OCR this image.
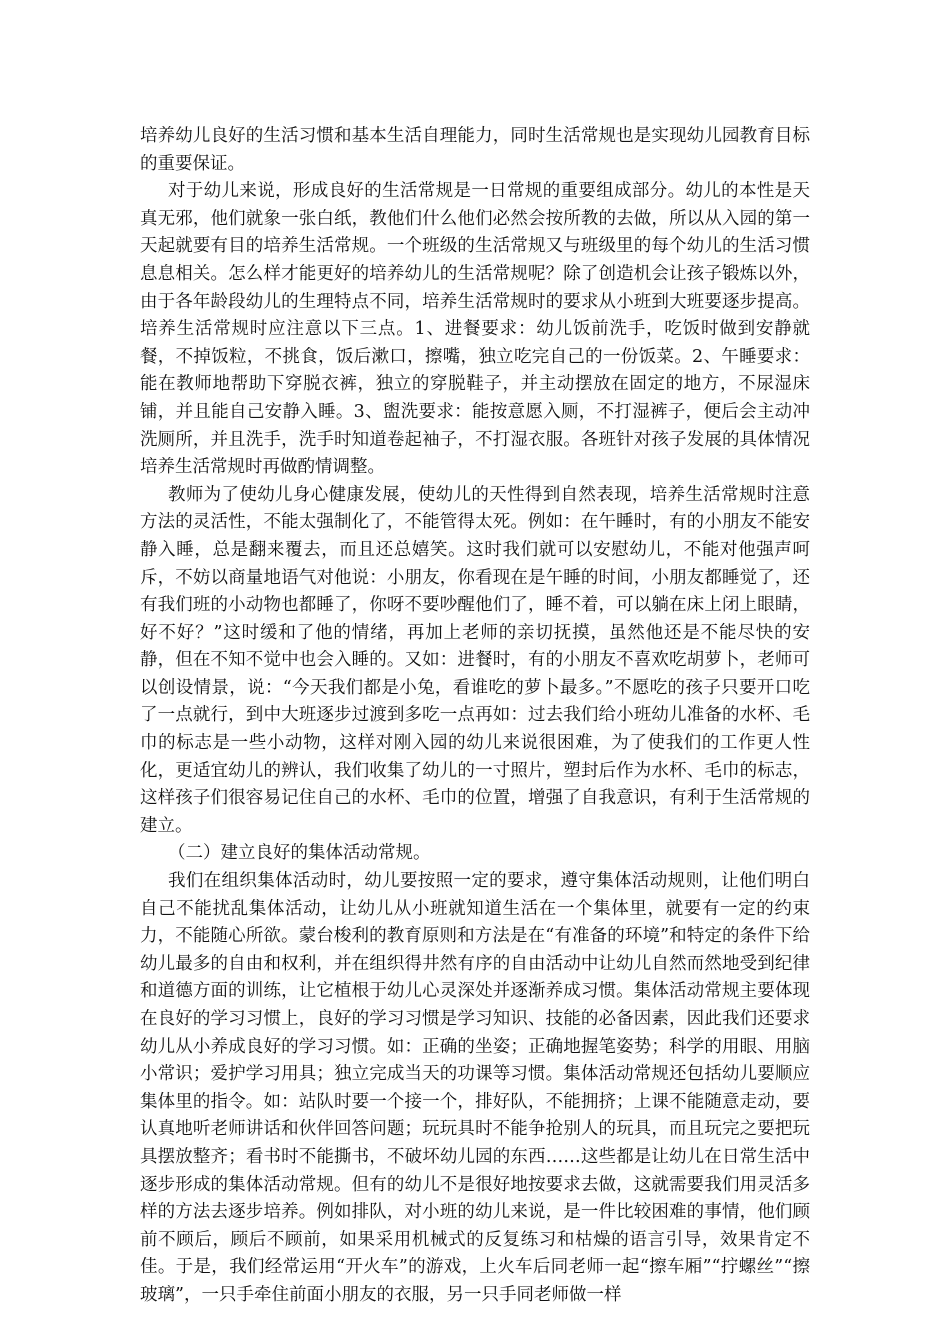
培养幼儿良好的生活习惯和基本生活自理能力，同时生活常规也是实现幼儿园教育目标的重要保证。

对于幼儿来说，形成良好的生活常规是一日常规的重要组成部分。幼儿的本性是天真无邪，他们就象一张白纸，教他们什么他们必然会按所教的去做，所以从入园的第一天起就要有目的培养生活常规。一个班级的生活常规又与班级里的每个幼儿的生活习惯息息相关。怎么样才能更好的培养幼儿的生活常规呢？除了创造机会让孩子锻炼以外，由于各年龄段幼儿的生理特点不同，培养生活常规时的要求从小班到大班要逐步提高。培养生活常规时应注意以下三点。1、进餐要求：幼儿饭前洗手，吃饭时做到安静就餐，不掉饭粒，不挑食，饭后漱口，擦嘴，独立吃完自己的一份饭菜。2、午睡要求：能在教师地帮助下穿脱衣裤，独立的穿脱鞋子，并主动摆放在固定的地方，不尿湿床铺，并且能自己安静入睡。3、盥洗要求：能按意愿入厕，不打湿裤子，便后会主动冲洗厕所，并且洗手，洗手时知道卷起袖子，不打湿衣服。各班针对孩子发展的具体情况培养生活常规时再做酌情调整。

教师为了使幼儿身心健康发展，使幼儿的天性得到自然表现，培养生活常规时注意方法的灵活性，不能太强制化了，不能管得太死。例如：在午睡时，有的小朋友不能安静入睡，总是翻来覆去，而且还总嬉笑。这时我们就可以安慰幼儿，不能对他强声呵斥，不妨以商量地语气对他说：小朋友，你看现在是午睡的时间，小朋友都睡觉了，还有我们班的小动物也都睡了，你呀不要吵醒他们了，睡不着，可以躺在床上闭上眼睛，好不好？”这时缓和了他的情绪，再加上老师的亲切抚摸，虽然他还是不能尽快的安静，但在不知不觉中也会入睡的。又如：进餐时，有的小朋友不喜欢吃胡萝卜，老师可以创设情景，说：“今天我们都是小兔，看谁吃的萝卜最多。”不愿吃的孩子只要开口吃了一点就行，到中大班逐步过渡到多吃一点再如：过去我们给小班幼儿准备的水杯、毛巾的标志是一些小动物，这样对刚入园的幼儿来说很困难，为了使我们的工作更人性化，更适宜幼儿的辨认，我们收集了幼儿的一寸照片，塑封后作为水杯、毛巾的标志，这样孩子们很容易记住自己的水杯、毛巾的位置，增强了自我意识，有利于生活常规的建立。

（二）建立良好的集体活动常规。

我们在组织集体活动时，幼儿要按照一定的要求，遵守集体活动规则，让他们明白自己不能扰乱集体活动，让幼儿从小班就知道生活在一个集体里，就要有一定的约束力，不能随心所欲。蒙台梭利的教育原则和方法是在“有准备的环境”和特定的条件下给幼儿最多的自由和权利，并在组织得井然有序的自由活动中让幼儿自然而然地受到纪律和道德方面的训练，让它植根于幼儿心灵深处并逐渐养成习惯。集体活动常规主要体现在良好的学习习惯上，良好的学习习惯是学习知识、技能的必备因素，因此我们还要求幼儿从小养成良好的学习习惯。如：正确的坐姿；正确地握笔姿势；科学的用眼、用脑小常识；爱护学习用具；独立完成当天的功课等习惯。集体活动常规还包括幼儿要顺应集体里的指令。如：站队时要一个接一个，排好队，不能拥挤；上课不能随意走动，要认真地听老师讲话和伙伴回答问题；玩玩具时不能争抢别人的玩具，而且玩完之要把玩具摆放整齐；看书时不能撕书，不破坏幼儿园的东西……这些都是让幼儿在日常生活中逐步形成的集体活动常规。但有的幼儿不是很好地按要求去做，这就需要我们用灵活多样的方法去逐步培养。例如排队，对小班的幼儿来说，是一件比较困难的事情，他们顾前不顾后，顾后不顾前，如果采用机械式的反复练习和枯燥的语言引导，效果肯定不佳。于是，我们经常运用“开火车”的游戏，上火车后同老师一起“擦车厢”“拧螺丝”“擦玻璃”，一只手牵住前面小朋友的衣服，另一只手同老师做一样
